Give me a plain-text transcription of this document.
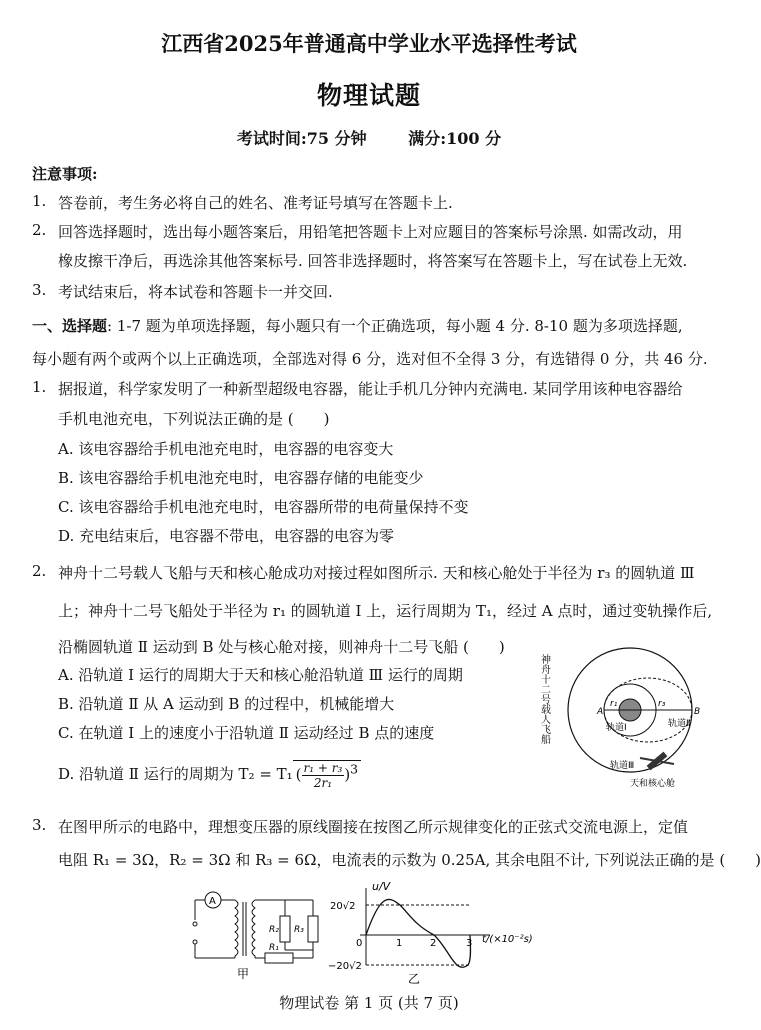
江西省2025年普通高中学业水平选择性考试
物理试题
考试时间:75 分钟	满分:100 分
注意事项:
1. 答卷前，考生务必将自己的姓名、准考证号填写在答题卡上.
2. 回答选择题时，选出每小题答案后，用铅笔把答题卡上对应题目的答案标号涂黑. 如需改动，用
橡皮擦干净后，再选涂其他答案标号. 回答非选择题时，将答案写在答题卡上，写在试卷上无效.
3. 考试结束后，将本试卷和答题卡一并交回.
一、选择题: 1-7 题为单项选择题，每小题只有一个正确选项，每小题 4 分. 8-10 题为多项选择题,
每小题有两个或两个以上正确选项，全部选对得 6 分，选对但不全得 3 分，有选错得 0 分，共 46 分.
1. 据报道，科学家发明了一种新型超级电容器，能让手机几分钟内充满电. 某同学用该种电容器给
手机电池充电，下列说法正确的是 (　　)
A. 该电容器给手机电池充电时，电容器的电容变大
B. 该电容器给手机电池充电时，电容器存储的电能变少
C. 该电容器给手机电池充电时，电容器所带的电荷量保持不变
D. 充电结束后，电容器不带电，电容器的电容为零
2. 神舟十二号载人飞船与天和核心舱成功对接过程如图所示. 天和核心舱处于半径为 r₃ 的圆轨道 Ⅲ
上；神舟十二号飞船处于半径为 r₁ 的圆轨道 Ⅰ 上，运行周期为 T₁，经过 A 点时，通过变轨操作后,
沿椭圆轨道 Ⅱ 运动到 B 处与核心舱对接，则神舟十二号飞船 (　　)
A. 沿轨道 Ⅰ 运行的周期大于天和核心舱沿轨道 Ⅲ 运行的周期
B. 沿轨道 Ⅱ 从 A 运动到 B 的过程中，机械能增大
C. 在轨道 Ⅰ 上的速度小于沿轨道 Ⅱ 运动经过 B 点的速度
D. 沿轨道 Ⅱ 运行的周期为 T₂ = T₁ ( $\frac{\text{r₁ + r₃}}{\text{2r₁}} )^3$
r₁	r₃
A	B
轨道Ⅰ	轨道Ⅱ
轨道Ⅲ
天和核心舱
神舟十二号载人飞船
3. 在图甲所示的电路中，理想变压器的原线圈接在按图乙所示规律变化的正弦式交流电源上，定值
电阻 R₁ = 3Ω，R₂ = 3Ω 和 R₃ = 6Ω，电流表的示数为 0.25A, 其余电阻不计, 下列说法正确的是 (　　)
A
R₁
R₂ R₃
甲
u/V
20√2
−20√2
0	1	2	3 t/(×10⁻²s)
乙
物理试卷 第 1 页 (共 7 页)
